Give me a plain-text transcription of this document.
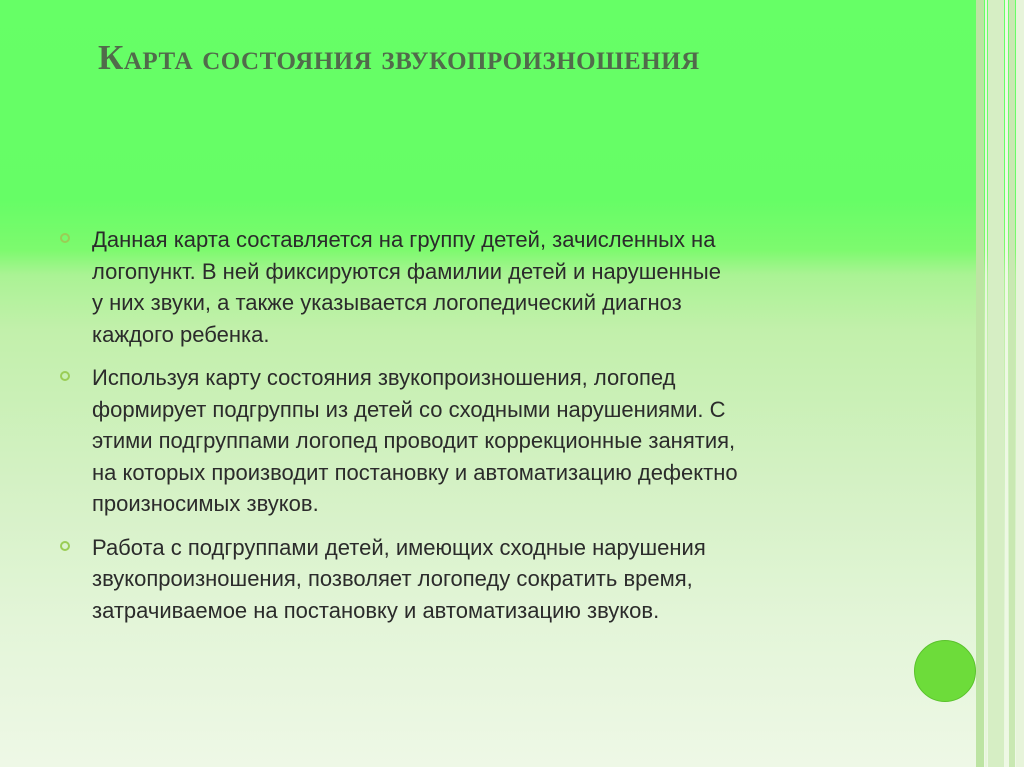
Карта состояния звукопроизношения
Данная карта составляется на группу детей, зачисленных на
логопункт. В ней фиксируются фамилии детей и нарушенные
у них звуки, а также указывается логопедический диагноз
каждого ребенка.
Используя карту состояния звукопроизношения, логопед
формирует подгруппы из детей со сходными нарушениями. С
этими подгруппами логопед проводит коррекционные занятия,
на которых производит постановку и автоматизацию дефектно
произносимых звуков.
Работа с подгруппами детей, имеющих сходные нарушения
звукопроизношения, позволяет логопеду сократить время,
затрачиваемое на постановку и автоматизацию звуков.
